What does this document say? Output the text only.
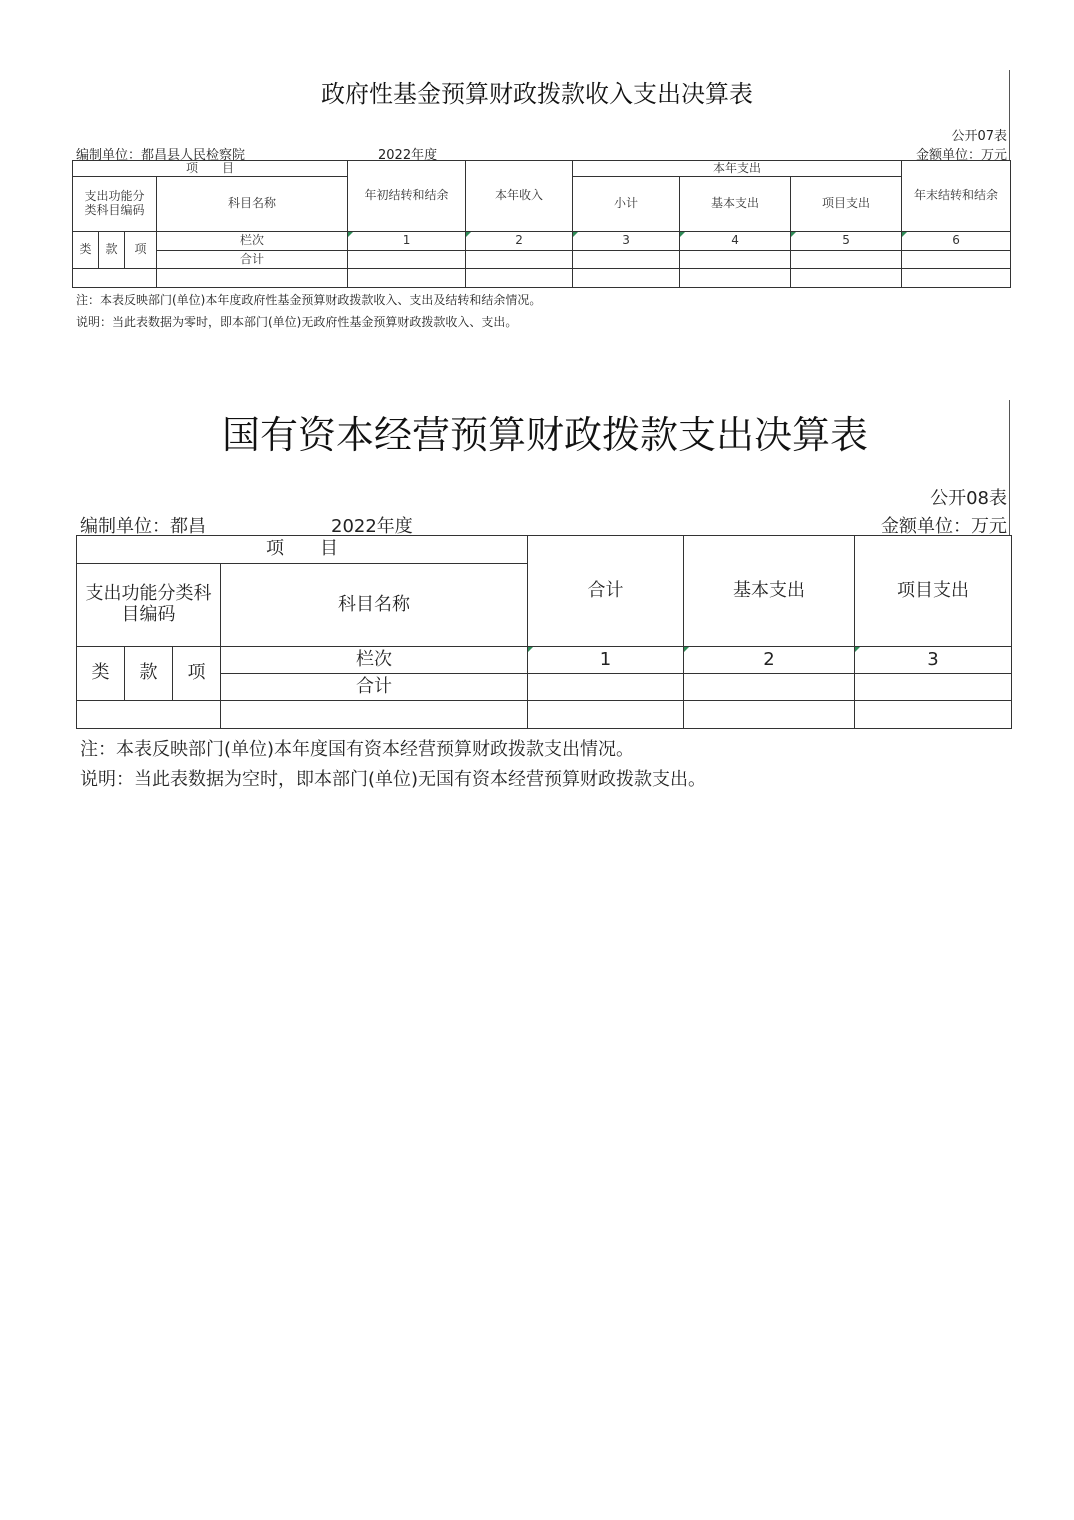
政府性基金预算财政拨款收入支出决算表
公开07表
编制单位：都昌县人民检察院	2022年度	金额单位：万元
项　　目				年初结转和结余	本年收入	本年支出			年末结转和结余
支出功能分类科目编码			科目名称			小计	基本支出	项目支出	
类	款	项	栏次	1	2	3	4	5	6
			合计						

注：本表反映部门(单位)本年度政府性基金预算财政拨款收入、支出及结转和结余情况。
说明：当此表数据为零时，即本部门(单位)无政府性基金预算财政拨款收入、支出。
国有资本经营预算财政拨款支出决算表
公开08表
编制单位：都昌	2022年度	金额单位：万元
项　　目				合计	基本支出	项目支出
支出功能分类科目编码			科目名称			
类	款	项	栏次	1	2	3
			合计			

注：本表反映部门(单位)本年度国有资本经营预算财政拨款支出情况。
说明：当此表数据为空时，即本部门(单位)无国有资本经营预算财政拨款支出。
